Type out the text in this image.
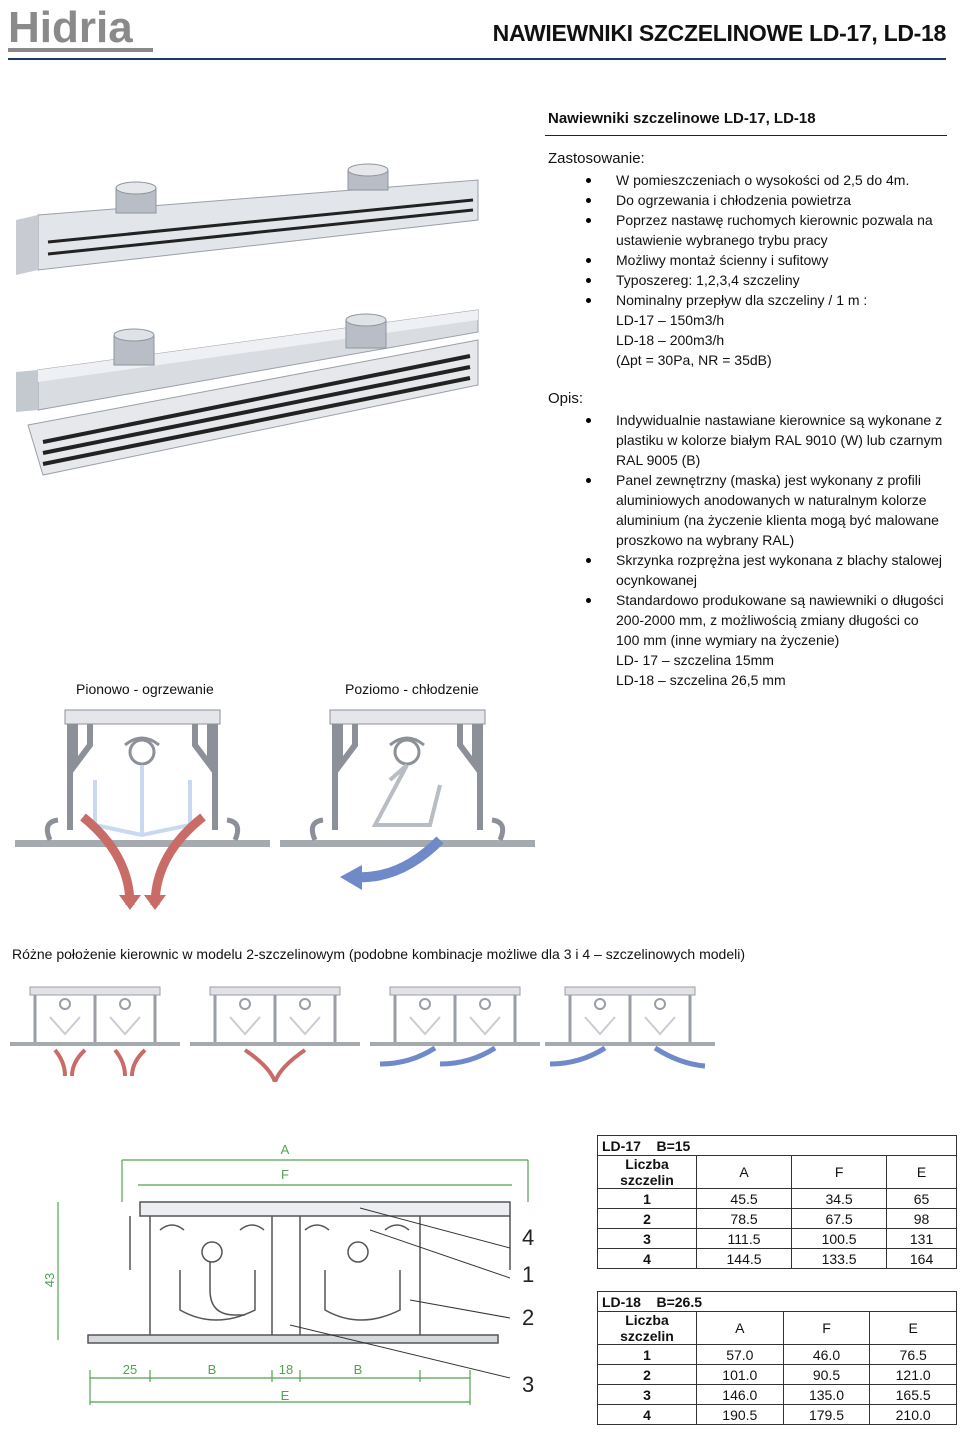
Hidria	NAWIEWNIKI SZCZELINOWE LD-17, LD-18
Nawiewniki szczelinowe LD-17, LD-18
Zastosowanie:
W pomieszczeniach o wysokości od 2,5 do 4m.
Do ogrzewania i chłodzenia powietrza
Poprzez nastawę ruchomych kierownic pozwala na
ustawienie wybranego trybu pracy
Możliwy montaż ścienny i sufitowy
Typoszereg: 1,2,3,4 szczeliny
Nominalny przepływ dla szczeliny / 1 m :
LD-17 – 150m3/h
LD-18 – 200m3/h
(Δpt = 30Pa, NR = 35dB)
Opis:
Indywidualnie nastawiane kierownice są wykonane z
plastiku w kolorze białym RAL 9010 (W) lub czarnym
RAL 9005 (B)
Panel zewnętrzny (maska) jest wykonany z profili
aluminiowych anodowanych w naturalnym kolorze
aluminium (na życzenie klienta mogą być malowane
proszkowo na wybrany RAL)
Skrzynka rozprężna jest wykonana z blachy stalowej
ocynkowanej
Standardowo produkowane są nawiewniki o długości
200-2000 mm, z możliwością zmiany długości co
100 mm (inne wymiary na życzenie)
LD- 17 – szczelina 15mm
LD-18 – szczelina 26,5 mm
Pionowo - ogrzewanie	Poziomo - chłodzenie
Różne położenie kierownic w modelu 2-szczelinowym (podobne kombinacje możliwe dla 3 i 4 – szczelinowych modeli)
A
F
43
25	B	18	B
E
4
1
2
3
LD-17 B=15			
Liczba szczelin	A	F	E
1	45.5	34.5	65
2	78.5	67.5	98
3	111.5	100.5	131
4	144.5	133.5	164
LD-18 B=26.5			
Liczba szczelin	A	F	E
1	57.0	46.0	76.5
2	101.0	90.5	121.0
3	146.0	135.0	165.5
4	190.5	179.5	210.0
